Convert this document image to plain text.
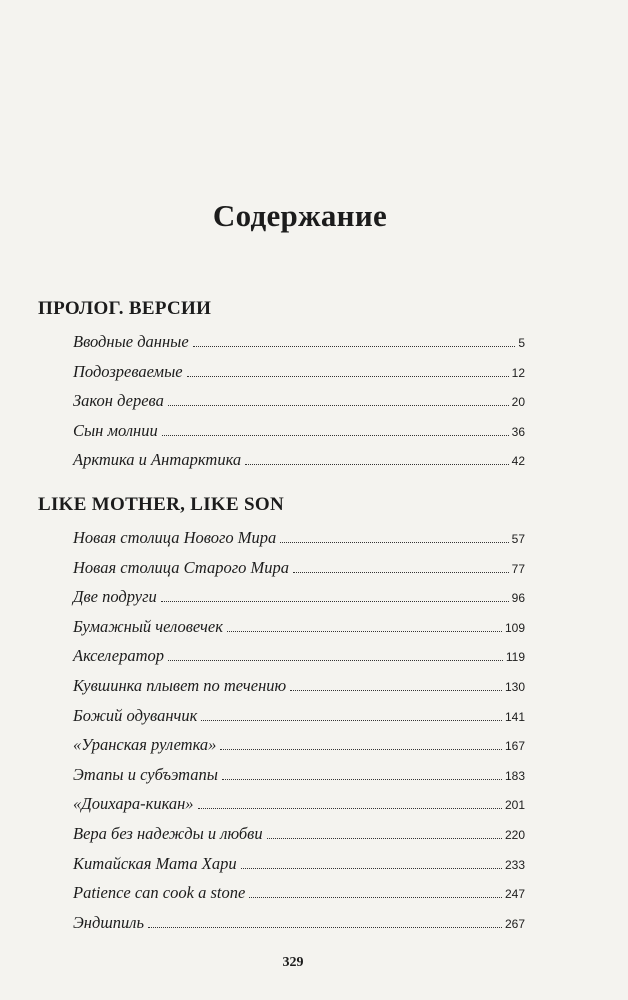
Содержание
ПРОЛОГ. ВЕРСИИ
Вводные данные	5
Подозреваемые	12
Закон дерева	20
Сын молнии	36
Арктика и Антарктика	42
LIKE MOTHER, LIKE SON
Новая столица Нового Мира	57
Новая столица Старого Мира	77
Две подруги	96
Бумажный человечек	109
Акселератор	119
Кувшинка плывет по течению	130
Божий одуванчик	141
«Уранская рулетка»	167
Этапы и субъэтапы	183
«Доихара-кикан»	201
Вера без надежды и любви	220
Китайская Мата Хари	233
Patience can cook a stone	247
Эндшпиль	267
329
